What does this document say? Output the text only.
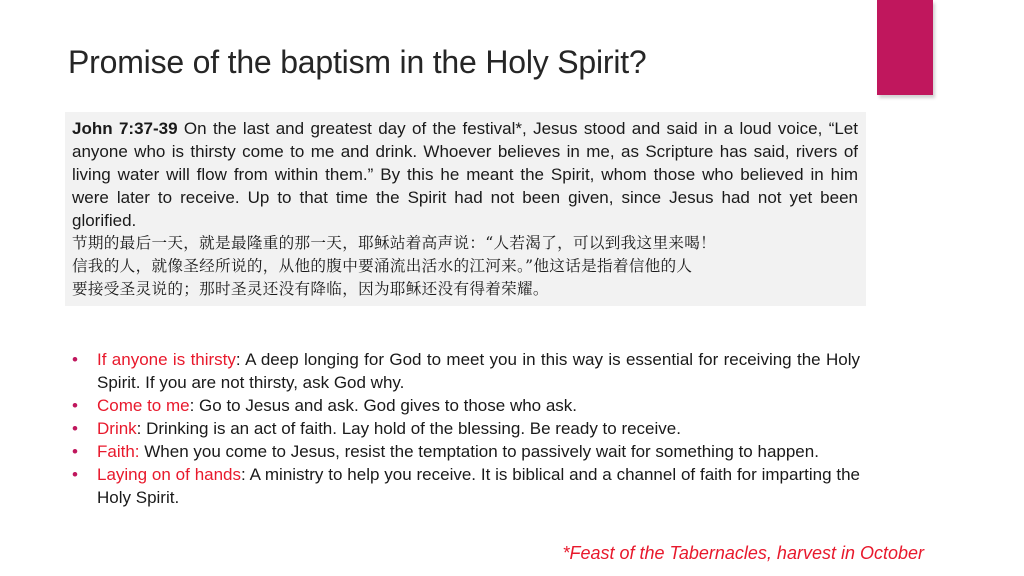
Promise of the baptism in the Holy Spirit?
John 7:37-39 On the last and greatest day of the festival*, Jesus stood and said in a loud voice, “Let anyone who is thirsty come to me and drink. Whoever believes in me, as Scripture has said, rivers of living water will flow from within them.” By this he meant the Spirit, whom those who believed in him were later to receive. Up to that time the Spirit had not been given, since Jesus had not yet been glorified.
节期的最后一天，就是最隆重的那一天，耶稣站着高声说：“人若渴了，可以到我这里来喝！
信我的人，就像圣经所说的，从他的腹中要涌流出活水的江河来。”他这话是指着信他的人
要接受圣灵说的；那时圣灵还没有降临，因为耶稣还没有得着荣耀。
• If anyone is thirsty: A deep longing for God to meet you in this way is essential for receiving the Holy Spirit. If you are not thirsty, ask God why.
• Come to me: Go to Jesus and ask. God gives to those who ask.
• Drink: Drinking is an act of faith. Lay hold of the blessing. Be ready to receive.
• Faith: When you come to Jesus, resist the temptation to passively wait for something to happen.
• Laying on of hands: A ministry to help you receive. It is biblical and a channel of faith for imparting the Holy Spirit.
*Feast of the Tabernacles, harvest in October
